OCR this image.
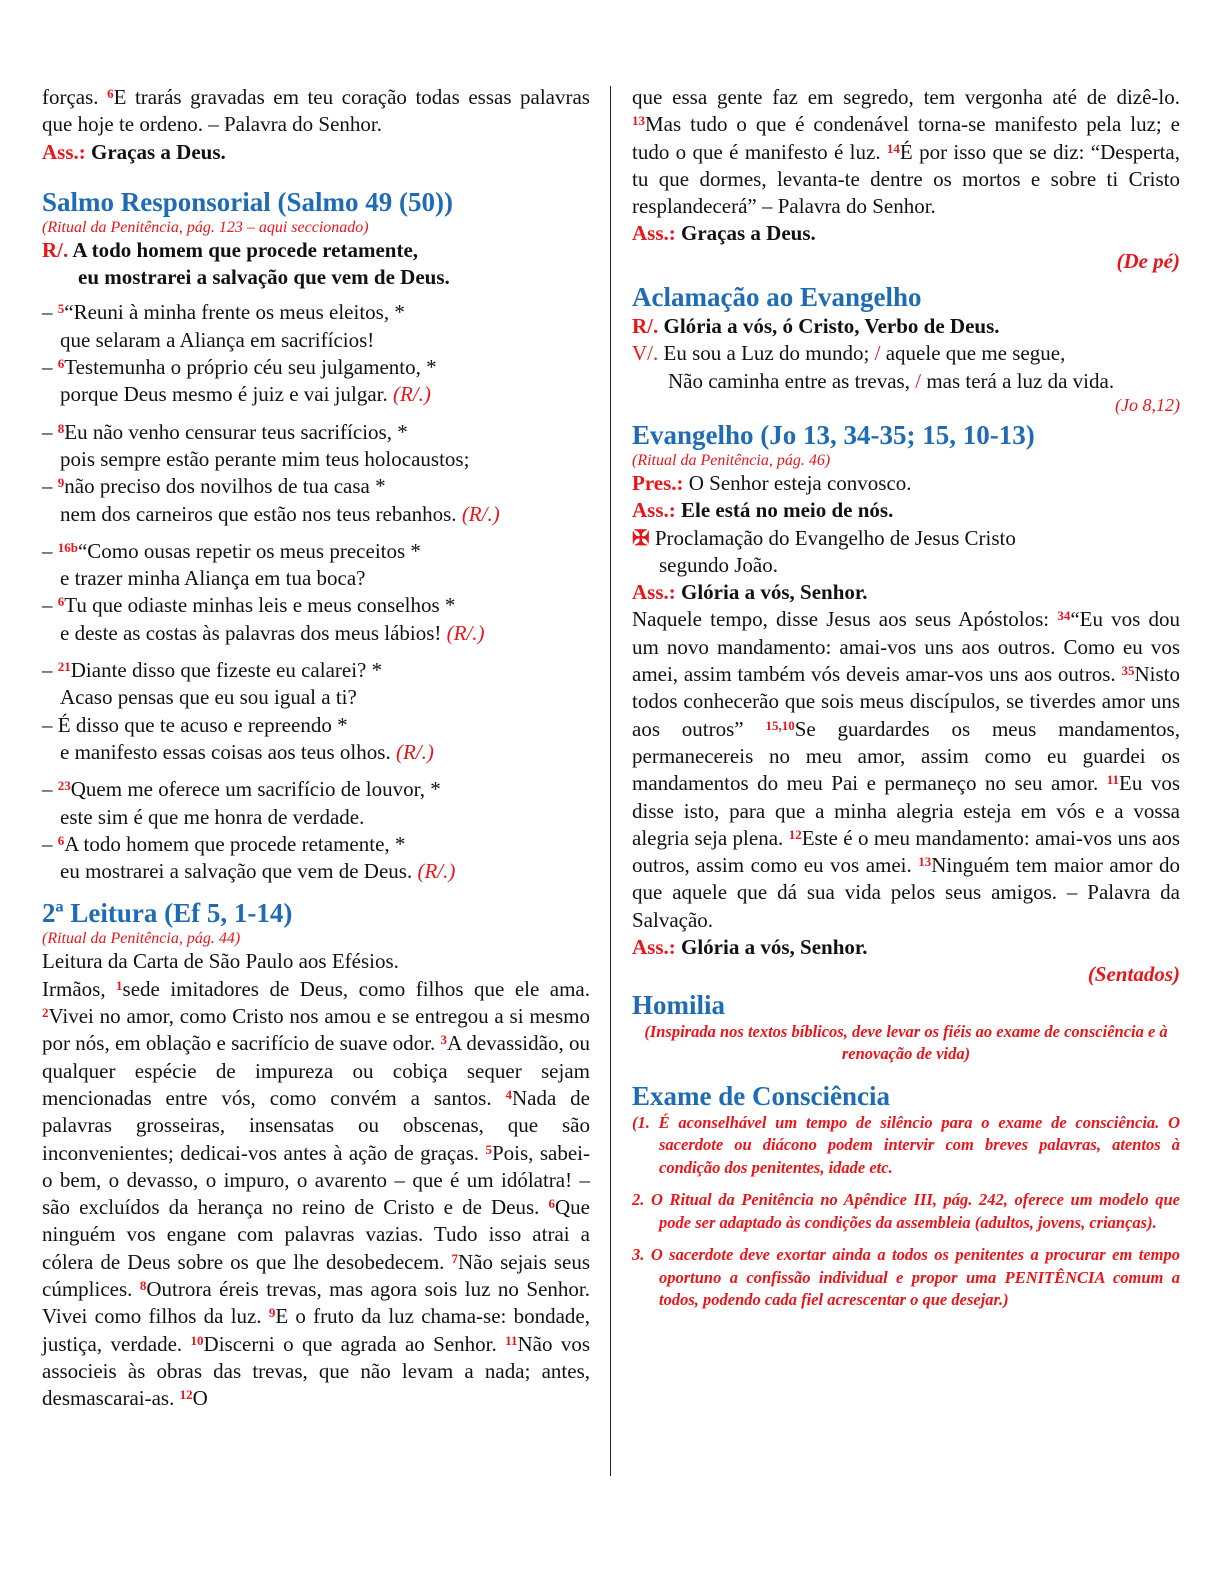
forças. $^6$E trarás gravadas em teu coração todas essas palavras que hoje te ordeno. – Palavra do Senhor.

Ass.: Graças a Deus.

Salmo Responsorial (Salmo 49 (50))
(Ritual da Penitência, pág. 123 – aqui seccionado)

R/. A todo homem que procede retamente,

eu mostrarei a salvação que vem de Deus.

– $^5$“Reuni à minha frente os meus eleitos, *
que selaram a Aliança em sacrifícios!
– $^6$Testemunha o próprio céu seu julgamento, *
porque Deus mesmo é juiz e vai julgar. (R/.)
– $^8$Eu não venho censurar teus sacrifícios, *
pois sempre estão perante mim teus holocaustos;
– $^9$não preciso dos novilhos de tua casa *
nem dos carneiros que estão nos teus rebanhos. (R/.)
– $^{16b}$“Como ousas repetir os meus preceitos *
e trazer minha Aliança em tua boca?
– $^6$Tu que odiaste minhas leis e meus conselhos *
e deste as costas às palavras dos meus lábios! (R/.)
– $^{21}$Diante disso que fizeste eu calarei? *
Acaso pensas que eu sou igual a ti?
– É disso que te acuso e repreendo *
e manifesto essas coisas aos teus olhos. (R/.)
– $^{23}$Quem me oferece um sacrifício de louvor, *
este sim é que me honra de verdade.
– $^6$A todo homem que procede retamente, *
eu mostrarei a salvação que vem de Deus. (R/.)
2ª Leitura (Ef 5, 1-14)
(Ritual da Penitência, pág. 44)

Leitura da Carta de São Paulo aos Efésios.

Irmãos, $^1$sede imitadores de Deus, como filhos que ele ama. $^2$Vivei no amor, como Cristo nos amou e se entregou a si mesmo por nós, em oblação e sacrifício de suave odor. $^3$A devassidão, ou qualquer espécie de impureza ou cobiça sequer sejam mencionadas entre vós, como convém a santos. $^4$Nada de palavras grosseiras, insensatas ou obscenas, que são inconvenientes; dedicai-vos antes à ação de graças. $^5$Pois, sabei-o bem, o devasso, o impuro, o avarento – que é um idólatra! – são excluídos da herança no reino de Cristo e de Deus. $^6$Que ninguém vos engane com palavras vazias. Tudo isso atrai a cólera de Deus sobre os que lhe desobedecem. $^7$Não sejais seus cúmplices. $^8$Outrora éreis trevas, mas agora sois luz no Senhor. Vivei como filhos da luz. $^9$E o fruto da luz chama-se: bondade, justiça, verdade. $^{10}$Discerni o que agrada ao Senhor. $^{11}$Não vos associeis às obras das trevas, que não levam a nada; antes, desmascarai-as. $^{12}$O

que essa gente faz em segredo, tem vergonha até de dizê-lo. $^{13}$Mas tudo o que é condenável torna-se manifesto pela luz; e tudo o que é manifesto é luz. $^{14}$É por isso que se diz: “Desperta, tu que dormes, levanta-te dentre os mortos e sobre ti Cristo resplandecerá” – Palavra do Senhor.

Ass.: Graças a Deus.

(De pé)

Aclamação ao Evangelho

R/. Glória a vós, ó Cristo, Verbo de Deus.

V/. Eu sou a Luz do mundo; / aquele que me segue,

Não caminha entre as trevas, / mas terá a luz da vida.

(Jo 8,12)

Evangelho (Jo 13, 34-35; 15, 10-13)
(Ritual da Penitência, pág. 46)

Pres.: O Senhor esteja convosco.

Ass.: Ele está no meio de nós.

✠ Proclamação do Evangelho de Jesus Cristo

segundo João.

Ass.: Glória a vós, Senhor.

Naquele tempo, disse Jesus aos seus Apóstolos: $^{34}$“Eu vos dou um novo mandamento: amai-vos uns aos outros. Como eu vos amei, assim também vós deveis amar-vos uns aos outros. $^{35}$Nisto todos conhecerão que sois meus discípulos, se tiverdes amor uns aos outros” $^{15,10}$Se guardardes os meus mandamentos, permanecereis no meu amor, assim como eu guardei os mandamentos do meu Pai e permaneço no seu amor. $^{11}$Eu vos disse isto, para que a minha alegria esteja em vós e a vossa alegria seja plena. $^{12}$Este é o meu mandamento: amai-vos uns aos outros, assim como eu vos amei. $^{13}$Ninguém tem maior amor do que aquele que dá sua vida pelos seus amigos. – Palavra da Salvação.

Ass.: Glória a vós, Senhor.

(Sentados)

Homilia

(Inspirada nos textos bíblicos, deve levar os fiéis ao exame de consciência e à renovação de vida)

Exame de Consciência

(1. É aconselhável um tempo de silêncio para o exame de consciência. O sacerdote ou diácono podem intervir com breves palavras, atentos à condição dos penitentes, idade etc.

2. O Ritual da Penitência no Apêndice III, pág. 242, oferece um modelo que pode ser adaptado às condições da assembleia (adultos, jovens, crianças).

3. O sacerdote deve exortar ainda a todos os penitentes a procurar em tempo oportuno a confissão individual e propor uma PENITÊNCIA comum a todos, podendo cada fiel acrescentar o que desejar.)
